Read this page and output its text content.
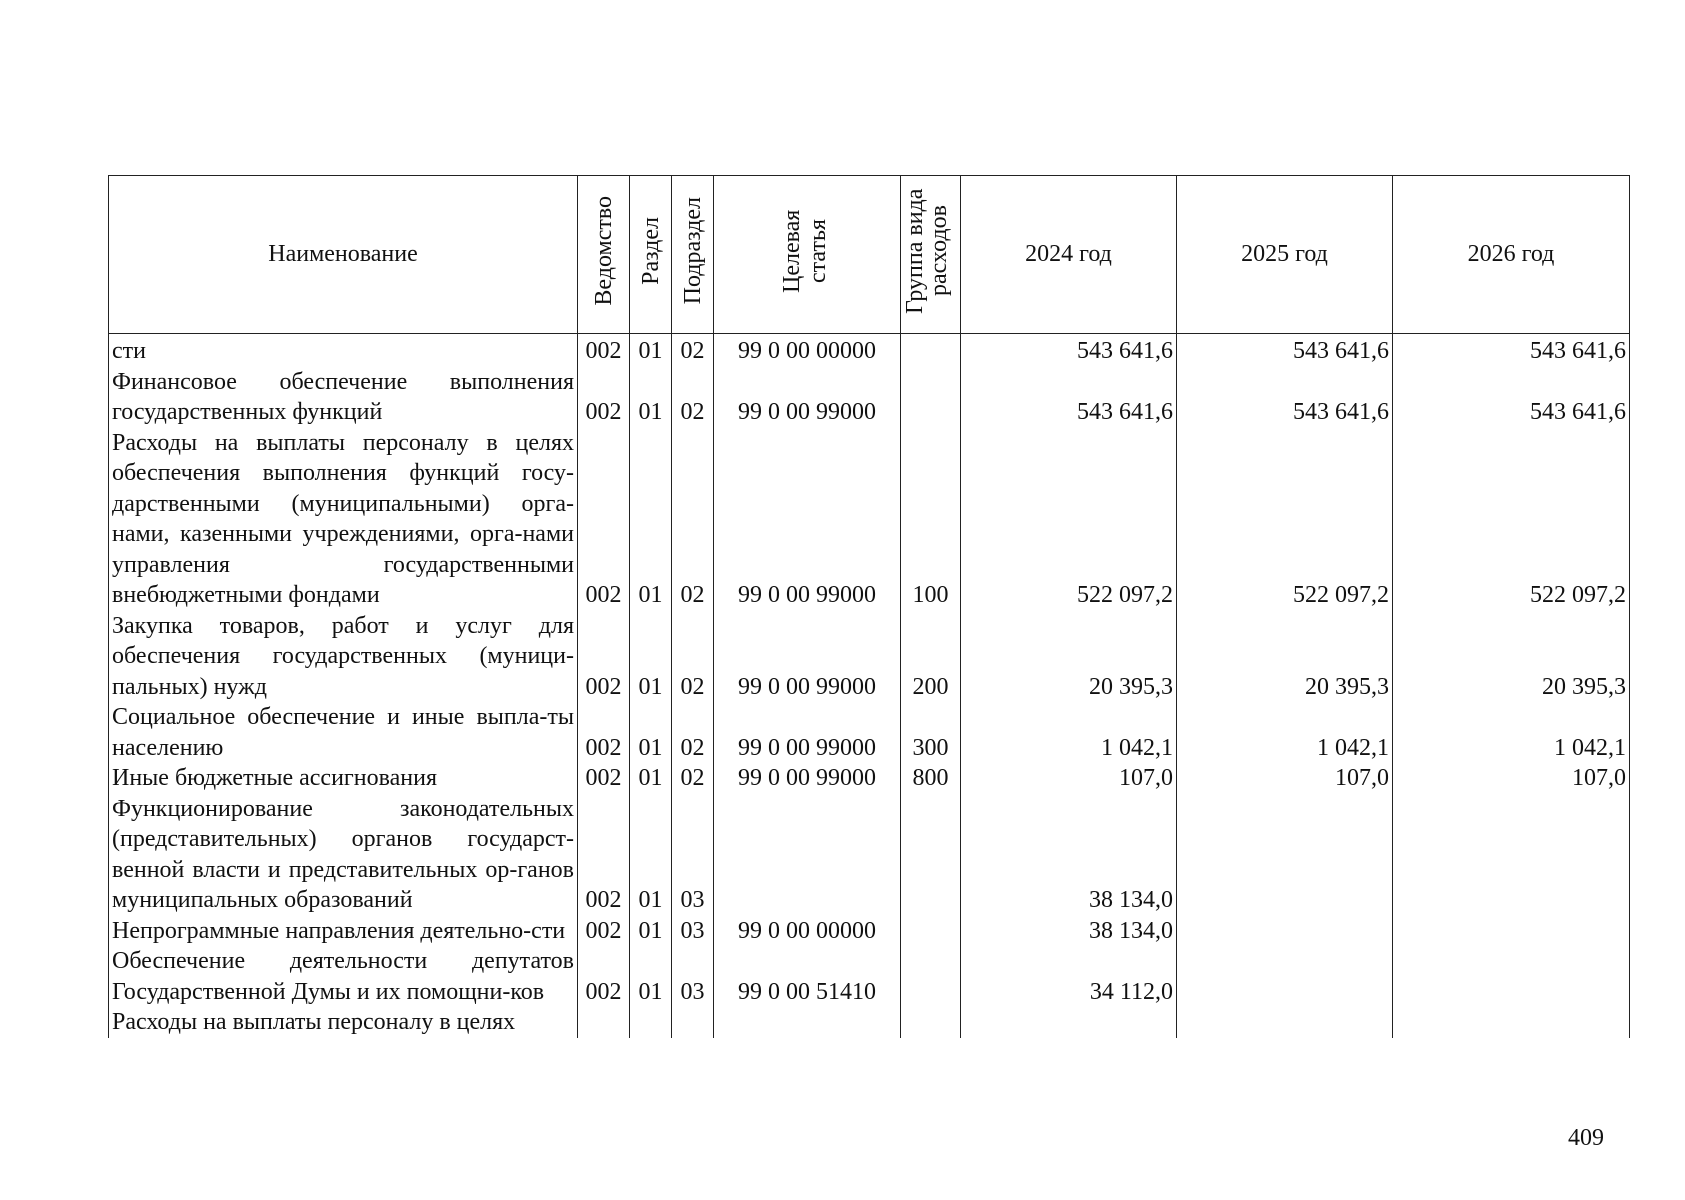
Наименование	Ведомство	Раздел	Подраздел	Целевая статья	Группа вида расходов	2024 год	2025 год	2026 год
сти	002	01	02	99 0 00 00000		543 641,6	543 641,6	543 641,6
Финансовое обеспечение выполнения государственных функций	002	01	02	99 0 00 99000		543 641,6	543 641,6	543 641,6
Расходы на выплаты персоналу в целях обеспечения выполнения функций госу-дарственными (муниципальными) орга-нами, казенными учреждениями, орга-нами управления государственными внебюджетными фондами	002	01	02	99 0 00 99000	100	522 097,2	522 097,2	522 097,2
Закупка товаров, работ и услуг для обеспечения государственных (муници-пальных) нужд	002	01	02	99 0 00 99000	200	20 395,3	20 395,3	20 395,3
Социальное обеспечение и иные выпла-ты населению	002	01	02	99 0 00 99000	300	1 042,1	1 042,1	1 042,1
Иные бюджетные ассигнования	002	01	02	99 0 00 99000	800	107,0	107,0	107,0
Функционирование законодательных (представительных) органов государст-венной власти и представительных ор-ганов муниципальных образований	002	01	03			38 134,0		
Непрограммные направления деятельно-сти	002	01	03	99 0 00 00000		38 134,0		
Обеспечение деятельности депутатов Государственной Думы и их помощни-ков	002	01	03	99 0 00 51410		34 112,0		
Расходы на выплаты персоналу в целях								
409
